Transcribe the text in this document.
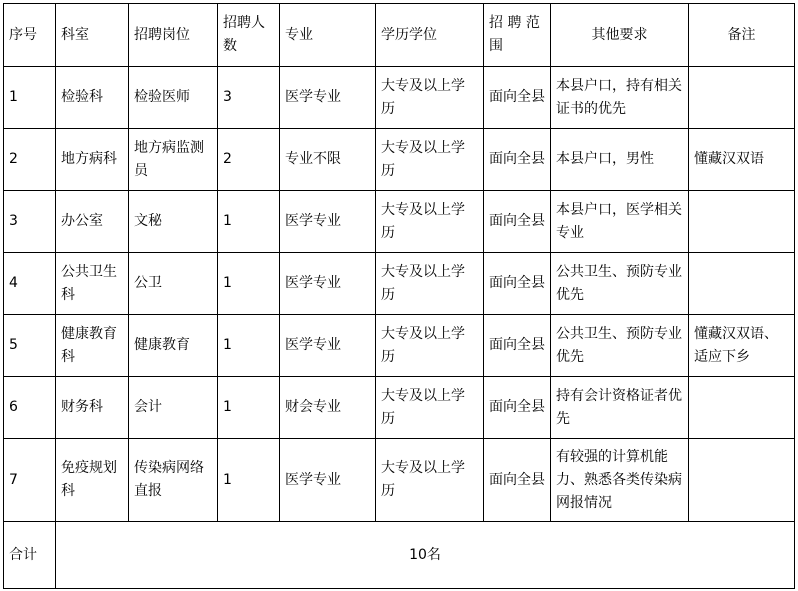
序号	科室	招聘岗位	招聘人数	专业	学历学位	招 聘 范 围	其他要求	备注
1	检验科	检验医师	3	医学专业	大专及以上学历	面向全县	本县户口，持有相关证书的优先	
2	地方病科	地方病监测员	2	专业不限	大专及以上学历	面向全县	本县户口，男性	懂藏汉双语
3	办公室	文秘	1	医学专业	大专及以上学历	面向全县	本县户口，医学相关专业	
4	公共卫生科	公卫	1	医学专业	大专及以上学历	面向全县	公共卫生、预防专业优先	
5	健康教育科	健康教育	1	医学专业	大专及以上学历	面向全县	公共卫生、预防专业优先	懂藏汉双语、适应下乡
6	财务科	会计	1	财会专业	大专及以上学历	面向全县	持有会计资格证者优先	
7	免疫规划科	传染病网络直报	1	医学专业	大专及以上学历	面向全县	有较强的计算机能力、熟悉各类传染病网报情况	
合计	10名							
